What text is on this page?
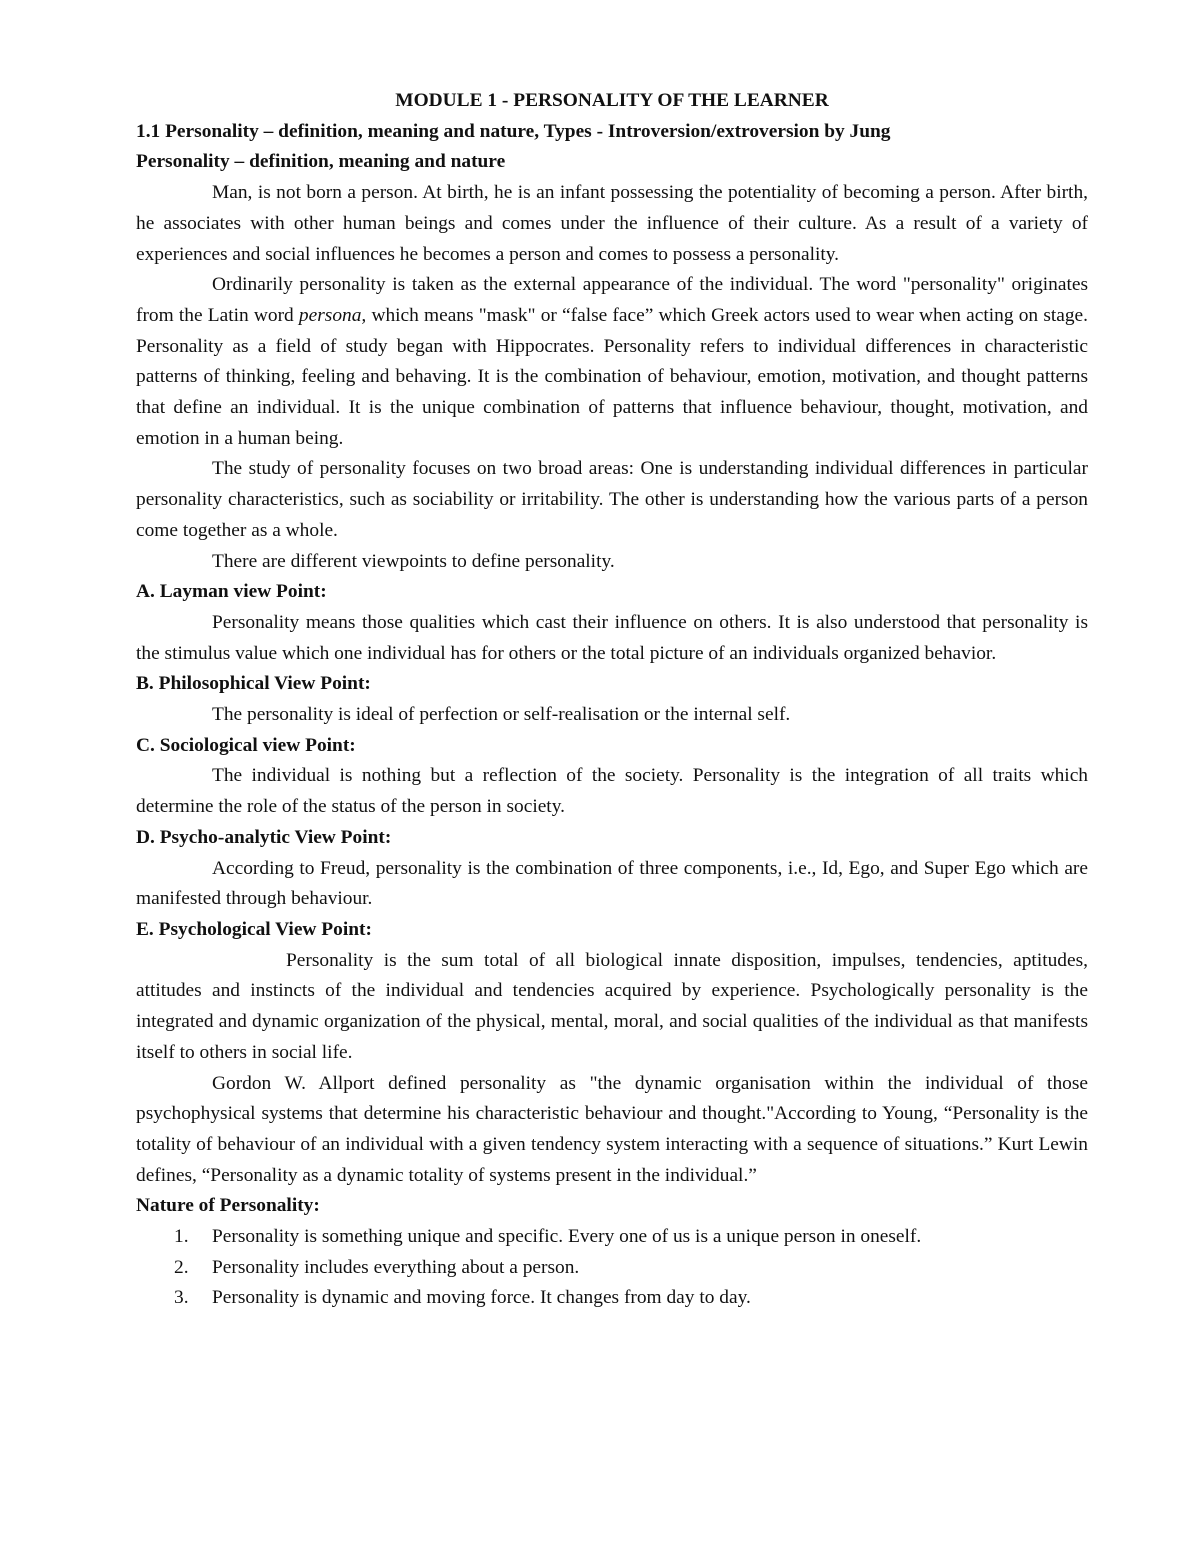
MODULE 1 - PERSONALITY OF THE LEARNER

1.1 Personality – definition, meaning and nature, Types - Introversion/extroversion by Jung

Personality – definition, meaning and nature

Man, is not born a person. At birth, he is an infant possessing the potentiality of becoming a person. After birth, he associates with other human beings and comes under the influence of their culture. As a result of a variety of experiences and social influences he becomes a person and comes to possess a personality.

Ordinarily personality is taken as the external appearance of the individual. The word "personality" originates from the Latin word persona, which means "mask" or “false face” which Greek actors used to wear when acting on stage. Personality as a field of study began with Hippocrates. Personality refers to individual differences in characteristic patterns of thinking, feeling and behaving. It is the combination of behaviour, emotion, motivation, and thought patterns that define an individual. It is the unique combination of patterns that influence behaviour, thought, motivation, and emotion in a human being.

The study of personality focuses on two broad areas: One is understanding individual differences in particular personality characteristics, such as sociability or irritability. The other is understanding how the various parts of a person come together as a whole.

There are different viewpoints to define personality.

A. Layman view Point:

Personality means those qualities which cast their influence on others. It is also understood that personality is the stimulus value which one individual has for others or the total picture of an individuals organized behavior.

B. Philosophical View Point:

The personality is ideal of perfection or self-realisation or the internal self.

C. Sociological view Point:

The individual is nothing but a reflection of the society. Personality is the integration of all traits which determine the role of the status of the person in society.

D. Psycho-analytic View Point:

According to Freud, personality is the combination of three components, i.e., Id, Ego, and Super Ego which are manifested through behaviour.

E. Psychological View Point:

Personality is the sum total of all biological innate disposition, impulses, tendencies, aptitudes, attitudes and instincts of the individual and tendencies acquired by experience. Psychologically personality is the integrated and dynamic organization of the physical, mental, moral, and social qualities of the individual as that manifests itself to others in social life.

Gordon W. Allport defined personality as "the dynamic organisation within the individual of those psychophysical systems that determine his characteristic behaviour and thought."According to Young, “Personality is the totality of behaviour of an individual with a given tendency system interacting with a sequence of situations.” Kurt Lewin defines, “Personality as a dynamic totality of systems present in the individual.”

Nature of Personality:

1. Personality is something unique and specific. Every one of us is a unique person in oneself.
2. Personality includes everything about a person.
3. Personality is dynamic and moving force. It changes from day to day.
